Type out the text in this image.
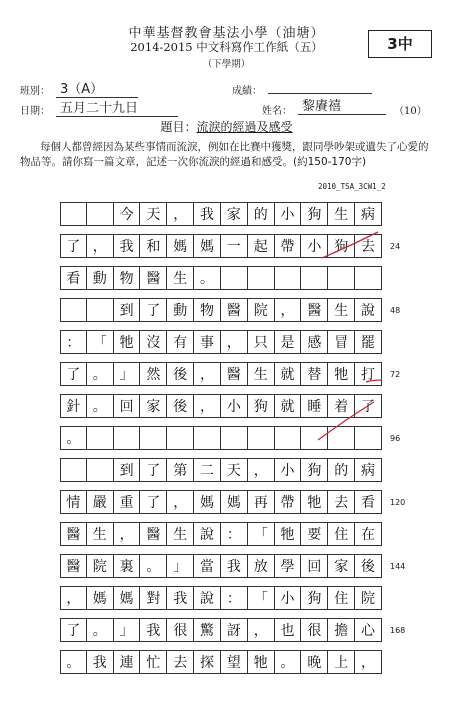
中華基督教會基法小學（油塘）
2014-2015 中文科寫作工作紙（五）
（下學期）
3中
班別： 3（A）	成績：
日期： 五月二十九日	姓名： 黎賡禧	（10）
題目：流淚的經過及感受
每個人都曾經因為某些事情而流淚，例如在比賽中獲獎，跟同學吵架或遺失了心愛的物品等。請你寫一篇文章，記述一次你流淚的經過和感受。(約150-170字)
2010_TSA_3CW1_2
今 天 ， 我 家 的 小 狗 生 病
了 ， 我 和 媽 媽 一 起 帶 小 狗 去
看 動 物 醫 生 。
到 了 動 物 醫 院 ， 醫 生 說
： 「 牠 沒 有 事 ， 只 是 感 冒 罷
了 。 」 然 後 ， 醫 生 就 替 牠 打
針 。 回 家 後 ， 小 狗 就 睡 着 了
。
到 了 第 二 天 ， 小 狗 的 病
情 嚴 重 了 ， 媽 媽 再 帶 牠 去 看
醫 生 ， 醫 生 說 ： 「 牠 要 住 在
醫 院 裏 。 」 當 我 放 學 回 家 後
， 媽 媽 對 我 說 ： 「 小 狗 住 院
了 。 」 我 很 驚 訝 ， 也 很 擔 心
。 我 連 忙 去 探 望 牠 。 晚 上 ，
24
48
72
96
120
144
168
